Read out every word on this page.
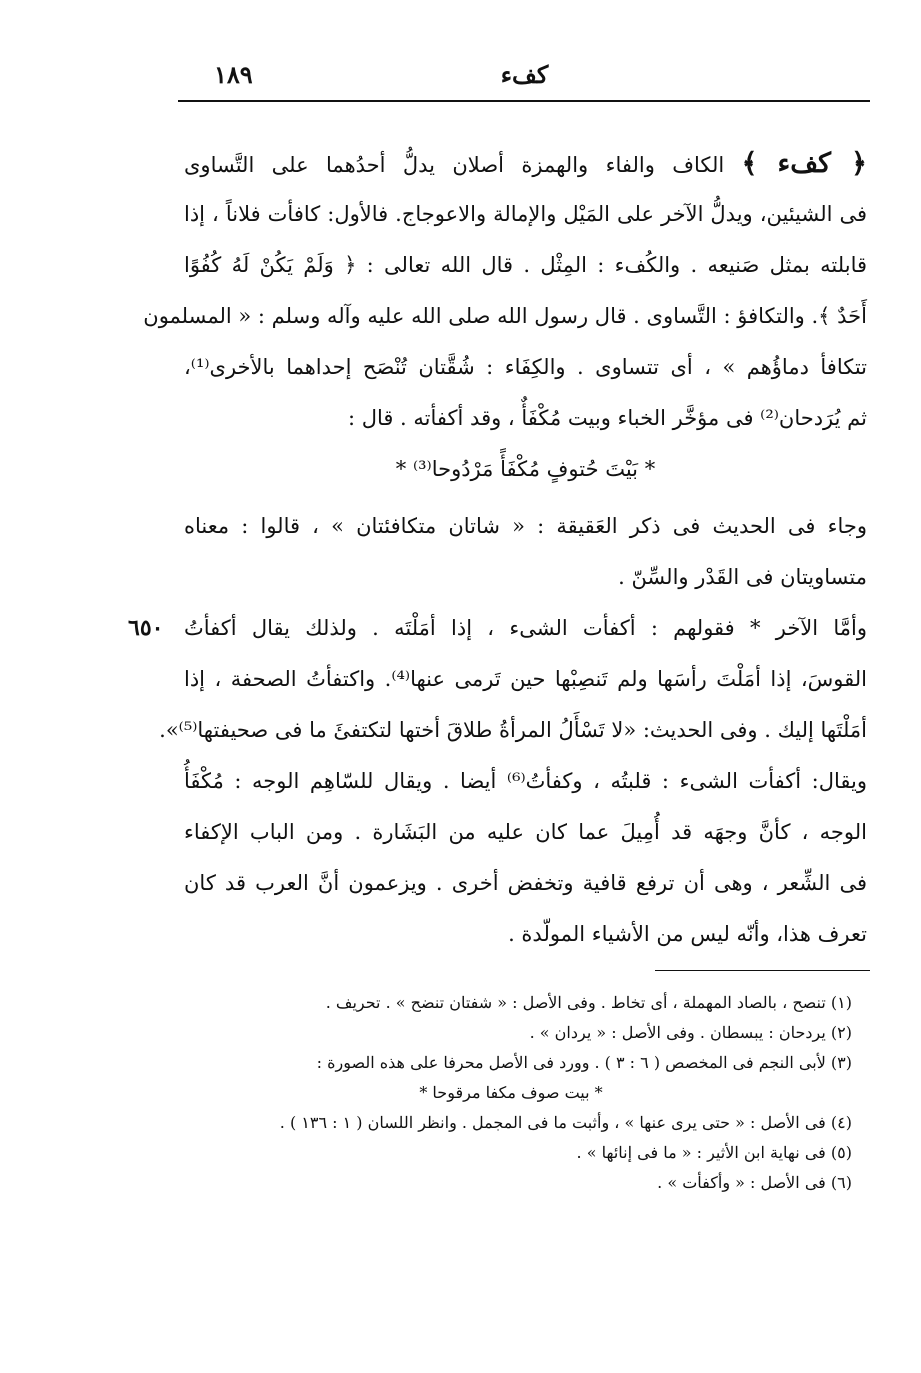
كفء
١٨٩
﴿ كفء ﴾ الكاف والفاء والهمزة أصلان يدلُّ أحدُهما على التَّساوى
فى الشيئين، ويدلُّ الآخر على المَيْل والإمالة والاعوجاج. فالأول: كافأت فلاناً ، إذا
قابلته بمثل صَنيعه . والكُفء : المِثْل . قال الله تعالى : ﴿ وَلَمْ يَكُنْ لَهُ كُفُوًا
أَحَدٌ ﴾. والتكافؤ : التَّساوى . قال رسول الله صلى الله عليه وآله وسلم : « المسلمون
تتكافأ دماؤُهم » ، أى تتساوى . والكِفَاء : شُقَّتان تُنْصَح إحداهما بالأخرى⁽¹⁾،
ثم يُرَدحان⁽²⁾ فى مؤخَّر الخباء وبيت مُكْفَأٌ ، وقد أكفأته . قال :
* بَيْتَ حُتوفٍ مُكْفَأً مَرْدُوحا⁽³⁾ *
وجاء فى الحديث فى ذكر العَقيقة : « شاتان متكافئتان » ، قالوا : معناه
متساويتان فى القَدْر والسِّنّ .
٦٥٠ وأمَّا الآخر * فقولهم : أكفأت الشىء ، إذا أمَلْتَه . ولذلك يقال أكفأتُ
القوسَ، إذا أمَلْتَ رأسَها ولم تَنصِبْها حين تَرمى عنها⁽⁴⁾. واكتفأتُ الصحفة ، إذا
أمَلْتَها إليك . وفى الحديث: «لا تَسْأَلُ المرأةُ طلاقَ أختها لتكتفئَ ما فى صحيفتها⁽⁵⁾».
ويقال: أكفأت الشىء : قلبتُه ، وكفأتُ⁽⁶⁾ أيضا . ويقال للسّاهِم الوجه : مُكْفَأُ
الوجه ، كأنَّ وجهَه قد أُمِيلَ عما كان عليه من البَشَارة . ومن الباب الإكفاء
فى الشِّعر ، وهى أن ترفع قافية وتخفض أخرى . ويزعمون أنَّ العرب قد كان
تعرف هذا، وأنّه ليس من الأشياء المولّدة .
(١) تنصح ، بالصاد المهملة ، أى تخاط . وفى الأصل : « شفتان تنضح » . تحريف .
(٢) يردحان : يبسطان . وفى الأصل : « يردان » .
(٣) لأبى النجم فى المخصص ( ٦ : ٣ ) . وورد فى الأصل محرفا على هذه الصورة :
* بيت صوف مكفا مرقوحا *
(٤) فى الأصل : « حتى يرى عنها » ، وأثبت ما فى المجمل . وانظر اللسان ( ١ : ١٣٦ ) .
(٥) فى نهاية ابن الأثير : « ما فى إنائها » .
(٦) فى الأصل : « وأكفأت » .
